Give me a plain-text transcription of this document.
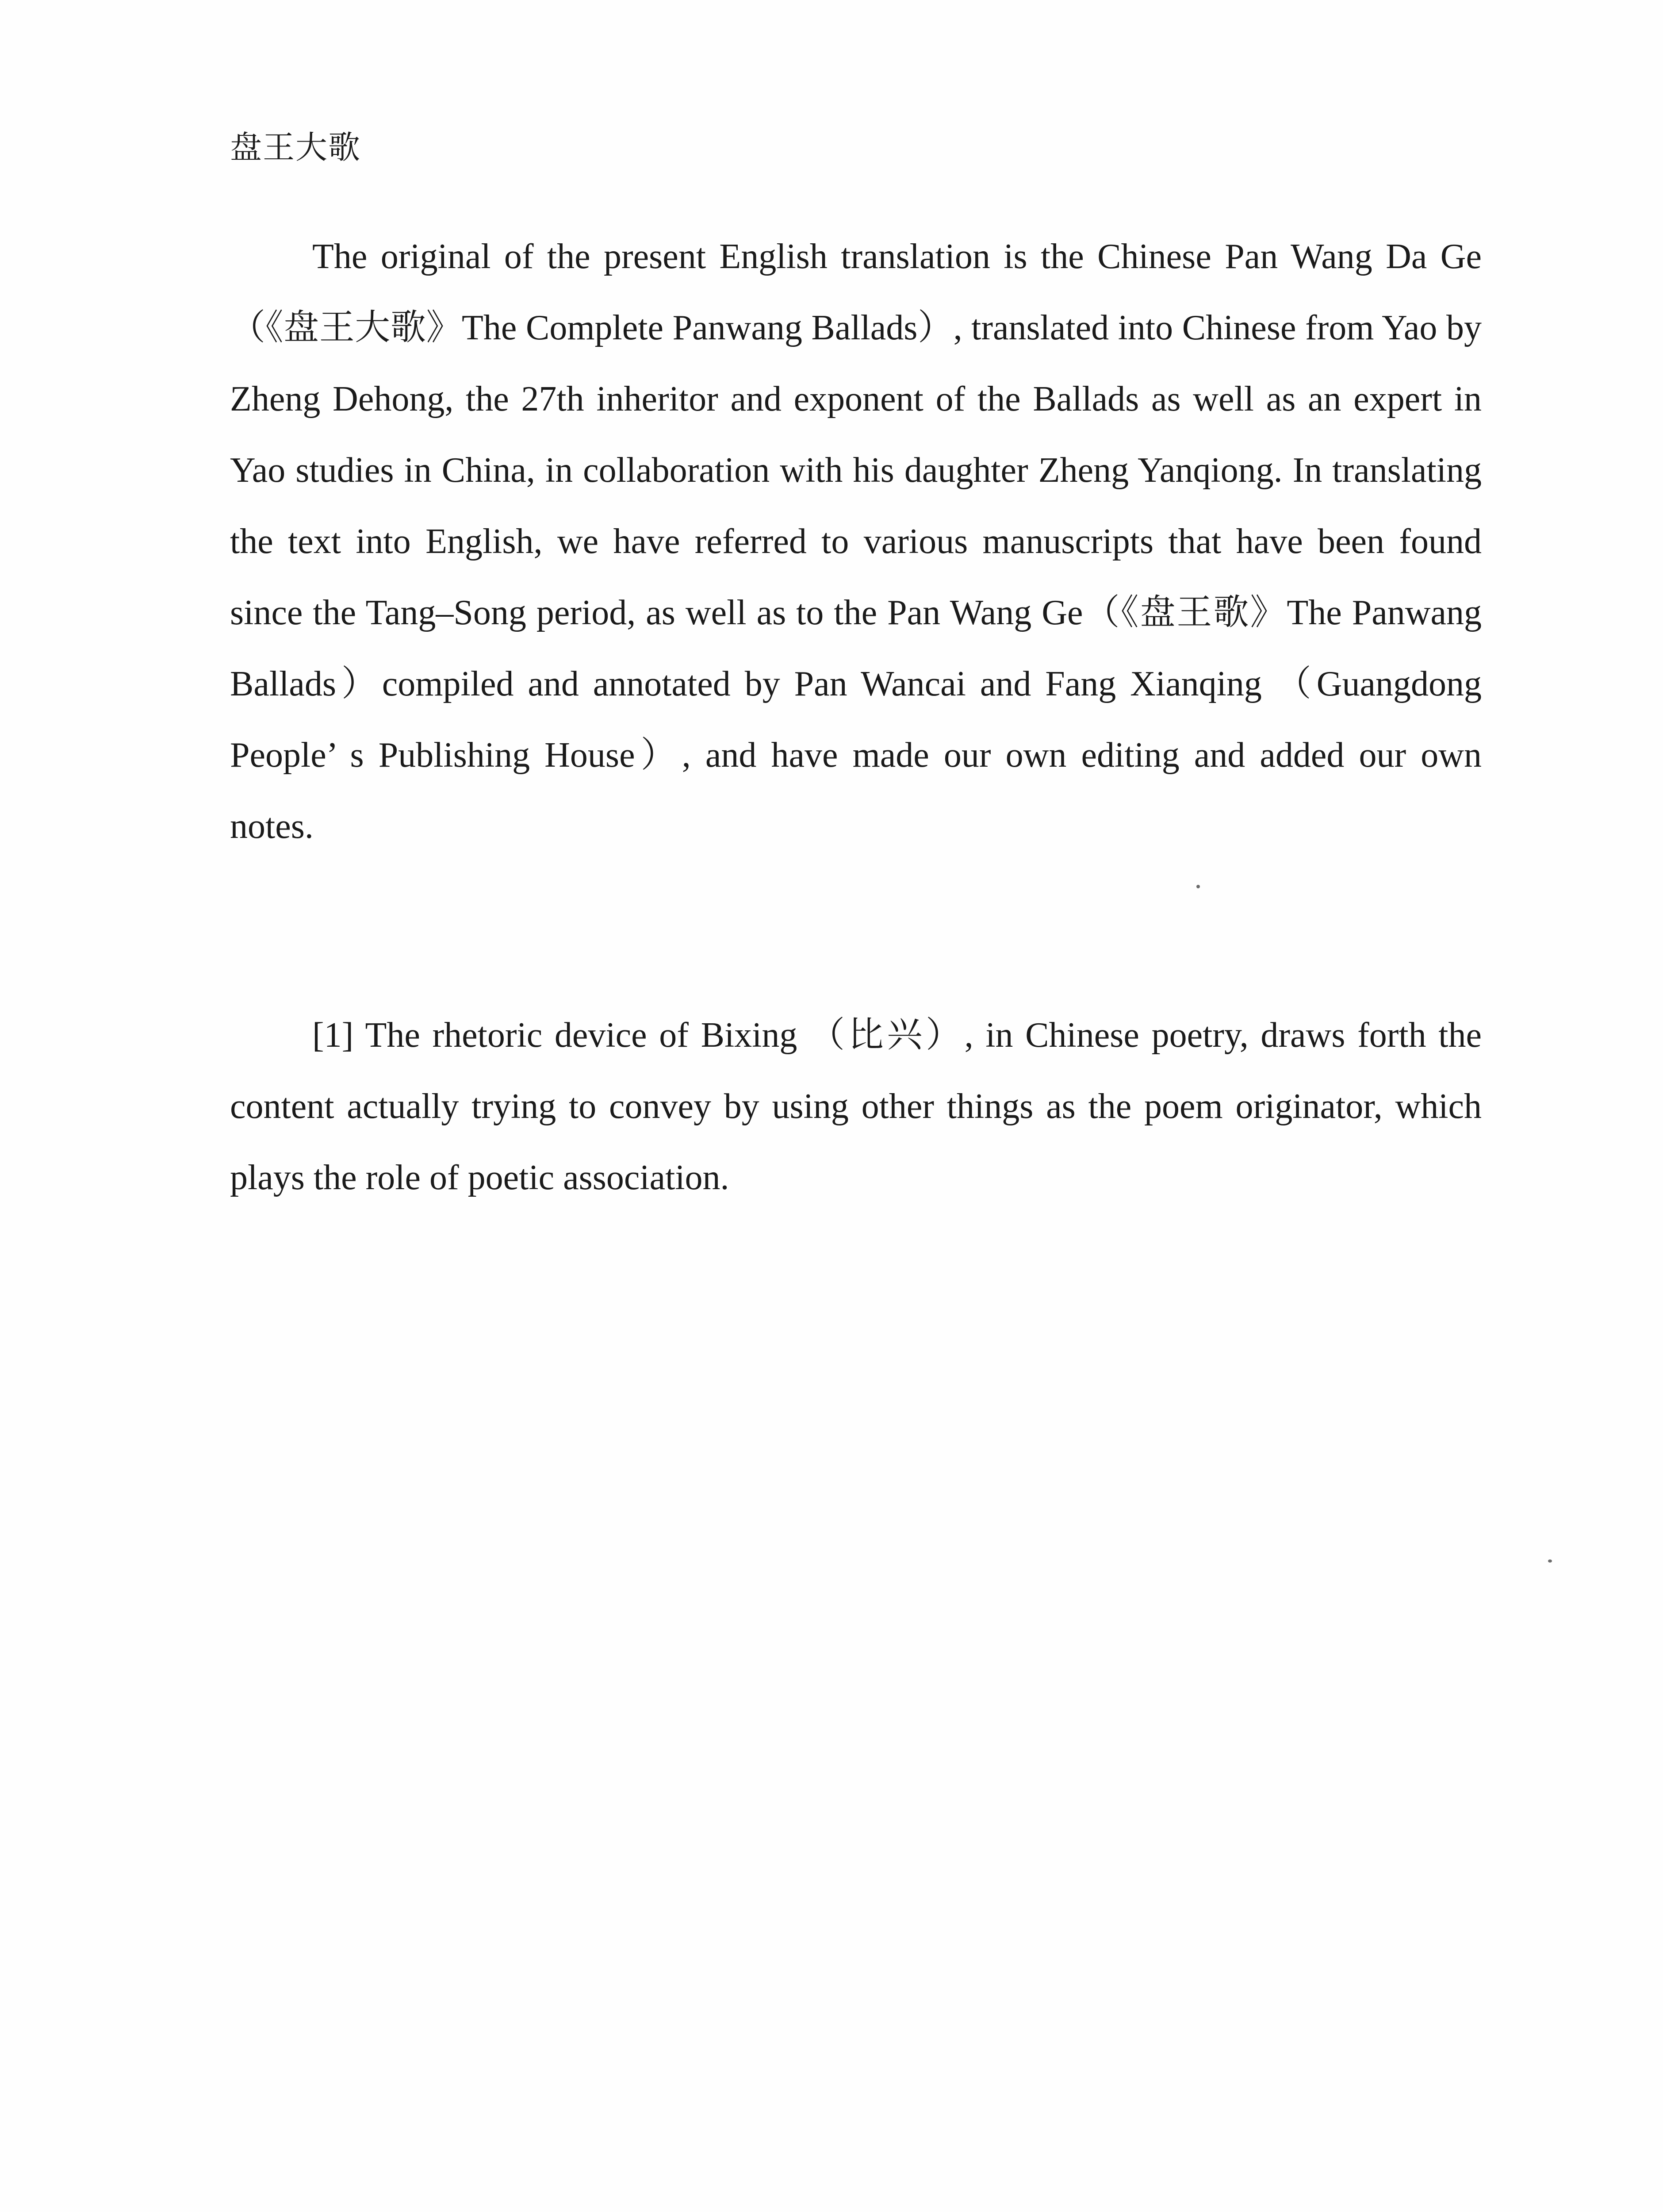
盘王大歌

The original of the present English translation is the Chinese Pan Wang Da Ge （《盘王大歌》The Complete Panwang Ballads）, translated into Chinese from Yao by Zheng Dehong, the 27th inheritor and exponent of the Ballads as well as an expert in Yao studies in China, in collaboration with his daughter Zheng Yanqiong. In translating the text into English, we have referred to various manuscripts that have been found since the Tang–Song period, as well as to the Pan Wang Ge（《盘王歌》The Panwang Ballads）compiled and annotated by Pan Wancai and Fang Xianqing （Guangdong People’ s Publishing House）, and have made our own editing and added our own notes.

[1] The rhetoric device of Bixing （比兴）, in Chinese poetry, draws forth the content actually trying to convey by using other things as the poem originator, which plays the role of poetic association.
